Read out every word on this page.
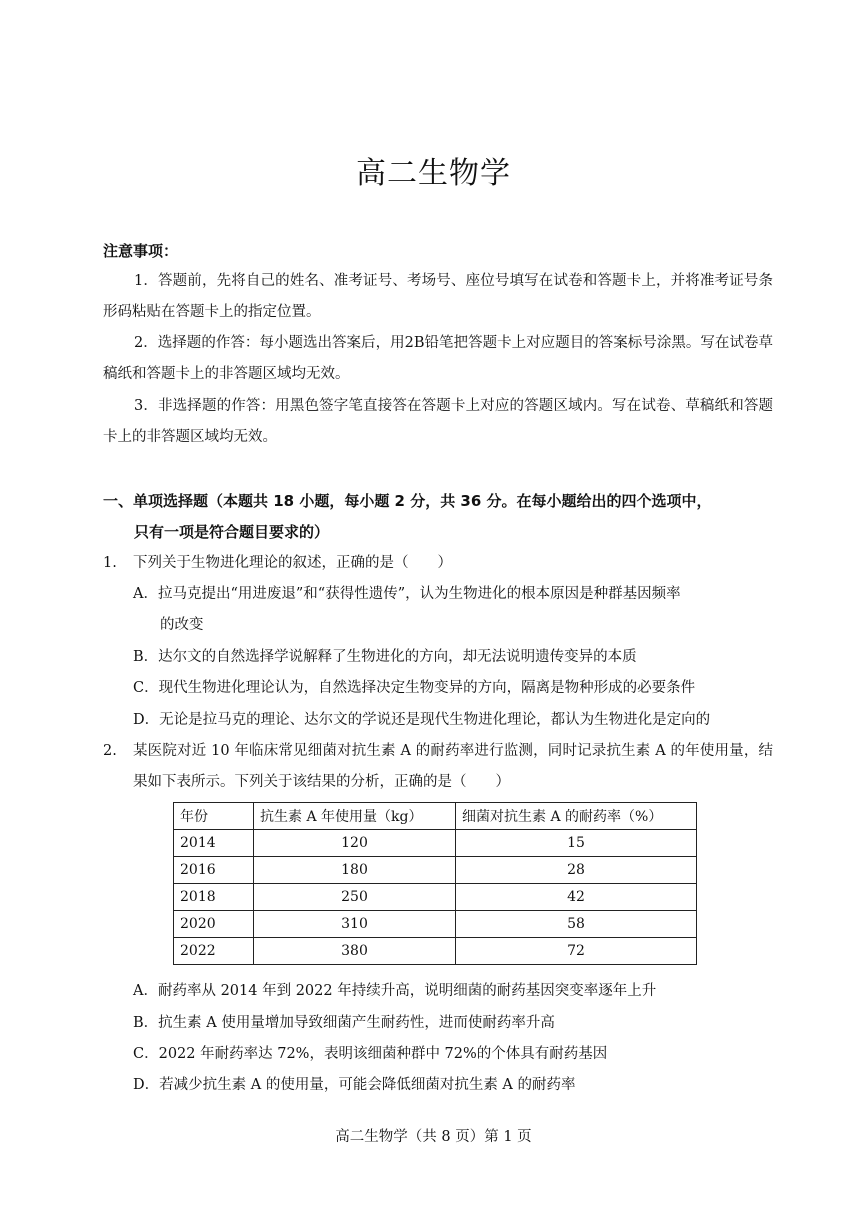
高二生物学
注意事项：
1．答题前，先将自己的姓名、准考证号、考场号、座位号填写在试卷和答题卡上，并将准考证号条形码粘贴在答题卡上的指定位置。
2．选择题的作答：每小题选出答案后，用2B铅笔把答题卡上对应题目的答案标号涂黑。写在试卷草稿纸和答题卡上的非答题区域均无效。
3．非选择题的作答：用黑色签字笔直接答在答题卡上对应的答题区域内。写在试卷、草稿纸和答题卡上的非答题区域均无效。
一、单项选择题（本题共 18 小题，每小题 2 分，共 36 分。在每小题给出的四个选项中，
只有一项是符合题目要求的）
1. 下列关于生物进化理论的叙述，正确的是（　　）
A．拉马克提出“用进废退”和“获得性遗传”，认为生物进化的根本原因是种群基因频率
的改变
B．达尔文的自然选择学说解释了生物进化的方向，却无法说明遗传变异的本质
C．现代生物进化理论认为，自然选择决定生物变异的方向，隔离是物种形成的必要条件
D．无论是拉马克的理论、达尔文的学说还是现代生物进化理论，都认为生物进化是定向的
2. 某医院对近 10 年临床常见细菌对抗生素 A 的耐药率进行监测，同时记录抗生素 A 的年使用量，结果如下表所示。下列关于该结果的分析，正确的是（　　）
年份	抗生素 A 年使用量（kg）	细菌对抗生素 A 的耐药率（%）
2014	120	15
2016	180	28
2018	250	42
2020	310	58
2022	380	72
A．耐药率从 2014 年到 2022 年持续升高，说明细菌的耐药基因突变率逐年上升
B．抗生素 A 使用量增加导致细菌产生耐药性，进而使耐药率升高
C．2022 年耐药率达 72%，表明该细菌种群中 72%的个体具有耐药基因
D．若减少抗生素 A 的使用量，可能会降低细菌对抗生素 A 的耐药率
高二生物学（共 8 页）第 1 页
